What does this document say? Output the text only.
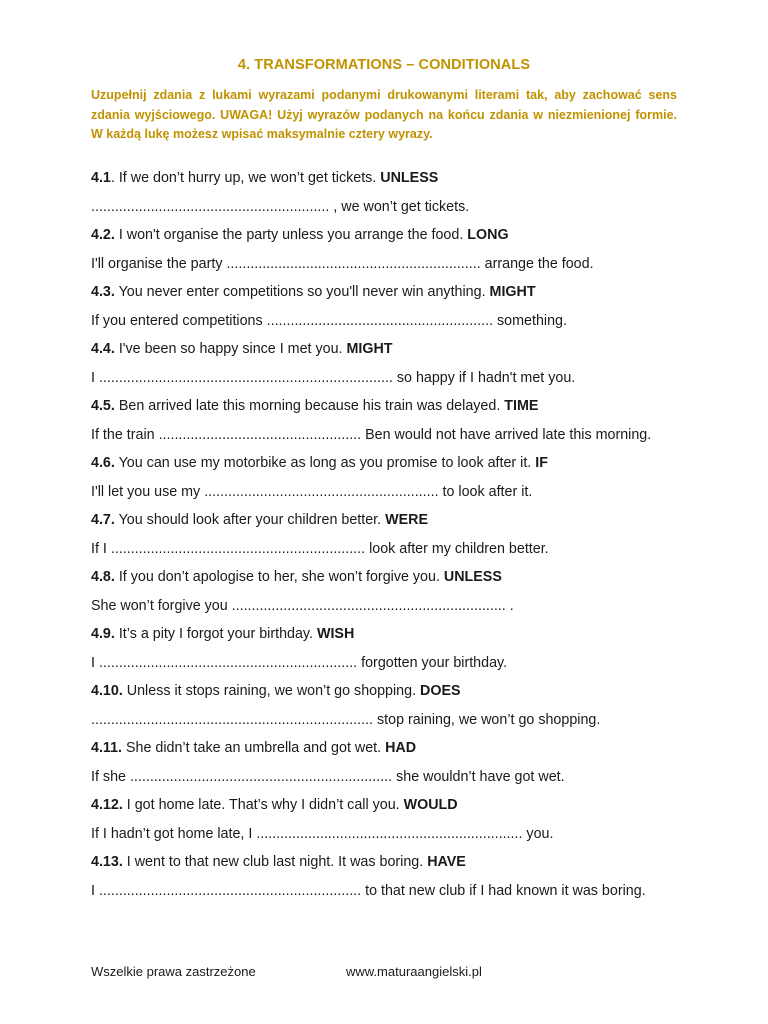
4. TRANSFORMATIONS – CONDITIONALS
Uzupełnij zdania z lukami wyrazami podanymi drukowanymi literami tak, aby zachować sens zdania wyjściowego. UWAGA! Użyj wyrazów podanych na końcu zdania w niezmienionej formie. W każdą lukę możesz wpisać maksymalnie cztery wyrazy.
4.1. If we don’t hurry up, we won’t get tickets. UNLESS
............................................................ , we won’t get tickets.
4.2. I won't organise the party unless you arrange the food. LONG
I'll organise the party ................................................................ arrange the food.
4.3. You never enter competitions so you'll never win anything. MIGHT
If you entered competitions ......................................................... something.
4.4. I've been so happy since I met you. MIGHT
I .......................................................................... so happy if I hadn't met you.
4.5. Ben arrived late this morning because his train was delayed. TIME
If the train ................................................... Ben would not have arrived late this morning.
4.6. You can use my motorbike as long as you promise to look after it. IF
I'll let you use my ........................................................... to look after it.
4.7. You should look after your children better. WERE
If I ................................................................ look after my children better.
4.8. If you don’t apologise to her, she won’t forgive you. UNLESS
She won’t forgive you ..................................................................... .
4.9. It’s a pity I forgot your birthday. WISH
I ................................................................. forgotten your birthday.
4.10. Unless it stops raining, we won’t go shopping. DOES
....................................................................... stop raining, we won’t go shopping.
4.11. She didn’t take an umbrella and got wet. HAD
If she .................................................................. she wouldn’t have got wet.
4.12. I got home late. That’s why I didn’t call you. WOULD
If I hadn’t got home late, I ................................................................... you.
4.13. I went to that new club last night. It was boring. HAVE
I .................................................................. to that new club if I had known it was boring.
Wszelkie prawa zastrzeżone	www.maturaangielski.pl
